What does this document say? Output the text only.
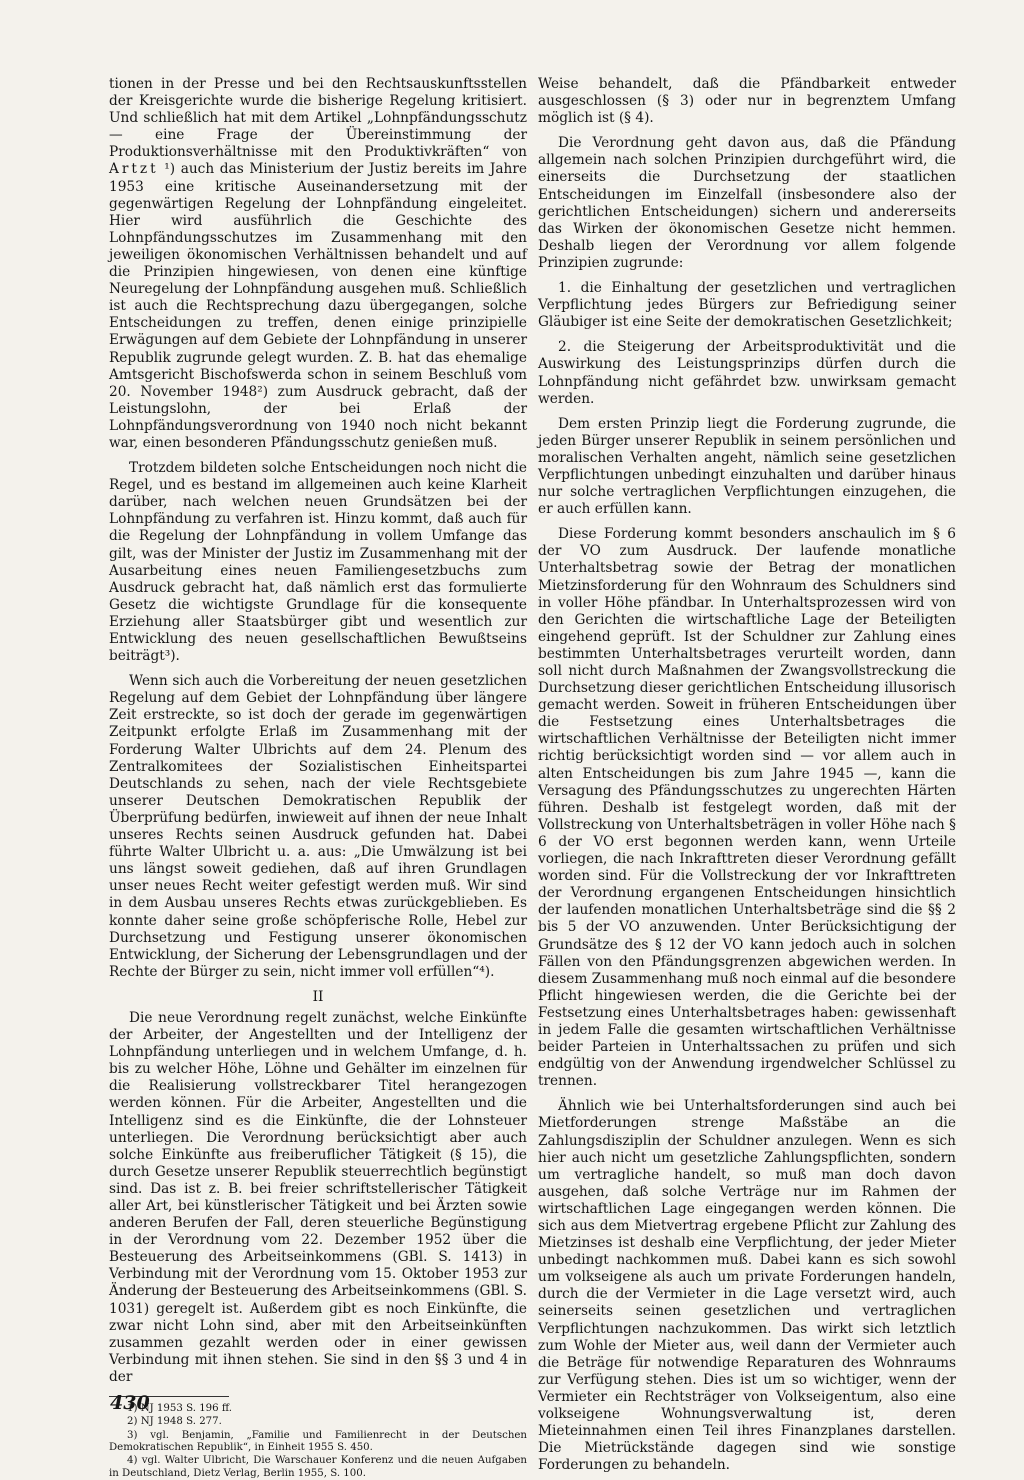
tionen in der Presse und bei den Rechtsauskunftsstellen der Kreisgerichte wurde die bisherige Regelung kritisiert. Und schließlich hat mit dem Artikel „Lohnpfändungsschutz — eine Frage der Übereinstimmung der Produktionsverhältnisse mit den Produktivkräften“ von Artzt ¹) auch das Ministerium der Justiz bereits im Jahre 1953 eine kritische Auseinandersetzung mit der gegenwärtigen Regelung der Lohnpfändung eingeleitet. Hier wird ausführlich die Geschichte des Lohnpfändungsschutzes im Zusammenhang mit den jeweiligen ökonomischen Verhältnissen behandelt und auf die Prinzipien hingewiesen, von denen eine künftige Neuregelung der Lohnpfändung ausgehen muß. Schließlich ist auch die Rechtsprechung dazu übergegangen, solche Entscheidungen zu treffen, denen einige prinzipielle Erwägungen auf dem Gebiete der Lohnpfändung in unserer Republik zugrunde gelegt wurden. Z. B. hat das ehemalige Amtsgericht Bischofswerda schon in seinem Beschluß vom 20. November 1948²) zum Ausdruck gebracht, daß der Leistungslohn, der bei Erlaß der Lohnpfändungsverordnung von 1940 noch nicht bekannt war, einen besonderen Pfändungsschutz genießen muß.

Trotzdem bildeten solche Entscheidungen noch nicht die Regel, und es bestand im allgemeinen auch keine Klarheit darüber, nach welchen neuen Grundsätzen bei der Lohnpfändung zu verfahren ist. Hinzu kommt, daß auch für die Regelung der Lohnpfändung in vollem Umfange das gilt, was der Minister der Justiz im Zusammenhang mit der Ausarbeitung eines neuen Familiengesetzbuchs zum Ausdruck gebracht hat, daß nämlich erst das formulierte Gesetz die wichtigste Grundlage für die konsequente Erziehung aller Staatsbürger gibt und wesentlich zur Entwicklung des neuen gesellschaftlichen Bewußtseins beiträgt³).

Wenn sich auch die Vorbereitung der neuen gesetzlichen Regelung auf dem Gebiet der Lohnpfändung über längere Zeit erstreckte, so ist doch der gerade im gegenwärtigen Zeitpunkt erfolgte Erlaß im Zusammenhang mit der Forderung Walter Ulbrichts auf dem 24. Plenum des Zentralkomitees der Sozialistischen Einheitspartei Deutschlands zu sehen, nach der viele Rechtsgebiete unserer Deutschen Demokratischen Republik der Überprüfung bedürfen, inwieweit auf ihnen der neue Inhalt unseres Rechts seinen Ausdruck gefunden hat. Dabei führte Walter Ulbricht u. a. aus: „Die Umwälzung ist bei uns längst soweit gediehen, daß auf ihren Grundlagen unser neues Recht weiter gefestigt werden muß. Wir sind in dem Ausbau unseres Rechts etwas zurückgeblieben. Es konnte daher seine große schöpferische Rolle, Hebel zur Durchsetzung und Festigung unserer ökonomischen Entwicklung, der Sicherung der Lebensgrundlagen und der Rechte der Bürger zu sein, nicht immer voll erfüllen“⁴).

II

Die neue Verordnung regelt zunächst, welche Einkünfte der Arbeiter, der Angestellten und der Intelligenz der Lohnpfändung unterliegen und in welchem Umfange, d. h. bis zu welcher Höhe, Löhne und Gehälter im einzelnen für die Realisierung vollstreckbarer Titel herangezogen werden können. Für die Arbeiter, Angestellten und die Intelligenz sind es die Einkünfte, die der Lohnsteuer unterliegen. Die Verordnung berücksichtigt aber auch solche Einkünfte aus freiberuflicher Tätigkeit (§ 15), die durch Gesetze unserer Republik steuerrechtlich begünstigt sind. Das ist z. B. bei freier schriftstellerischer Tätigkeit aller Art, bei künstlerischer Tätigkeit und bei Ärzten sowie anderen Berufen der Fall, deren steuerliche Begünstigung in der Verordnung vom 22. Dezember 1952 über die Besteuerung des Arbeitseinkommens (GBl. S. 1413) in Verbindung mit der Verordnung vom 15. Oktober 1953 zur Änderung der Besteuerung des Arbeitseinkommens (GBl. S. 1031) geregelt ist. Außerdem gibt es noch Einkünfte, die zwar nicht Lohn sind, aber mit den Arbeitseinkünften zusammen gezahlt werden oder in einer gewissen Verbindung mit ihnen stehen. Sie sind in den §§ 3 und 4 in der

1) NJ 1953 S. 196 ff.
2) NJ 1948 S. 277.
3) vgl. Benjamin, „Familie und Familienrecht in der Deutschen Demokratischen Republik“, in Einheit 1955 S. 450.
4) vgl. Walter Ulbricht, Die Warschauer Konferenz und die neuen Aufgaben in Deutschland, Dietz Verlag, Berlin 1955, S. 100.

Weise behandelt, daß die Pfändbarkeit entweder ausgeschlossen (§ 3) oder nur in begrenztem Umfang möglich ist (§ 4).

Die Verordnung geht davon aus, daß die Pfändung allgemein nach solchen Prinzipien durchgeführt wird, die einerseits die Durchsetzung der staatlichen Entscheidungen im Einzelfall (insbesondere also der gerichtlichen Entscheidungen) sichern und andererseits das Wirken der ökonomischen Gesetze nicht hemmen. Deshalb liegen der Verordnung vor allem folgende Prinzipien zugrunde:

1. die Einhaltung der gesetzlichen und vertraglichen Verpflichtung jedes Bürgers zur Befriedigung seiner Gläubiger ist eine Seite der demokratischen Gesetzlichkeit;

2. die Steigerung der Arbeitsproduktivität und die Auswirkung des Leistungsprinzips dürfen durch die Lohnpfändung nicht gefährdet bzw. unwirksam gemacht werden.

Dem ersten Prinzip liegt die Forderung zugrunde, die jeden Bürger unserer Republik in seinem persönlichen und moralischen Verhalten angeht, nämlich seine gesetzlichen Verpflichtungen unbedingt einzuhalten und darüber hinaus nur solche vertraglichen Verpflichtungen einzugehen, die er auch erfüllen kann.

Diese Forderung kommt besonders anschaulich im § 6 der VO zum Ausdruck. Der laufende monatliche Unterhaltsbetrag sowie der Betrag der monatlichen Mietzinsforderung für den Wohnraum des Schuldners sind in voller Höhe pfändbar. In Unterhaltsprozessen wird von den Gerichten die wirtschaftliche Lage der Beteiligten eingehend geprüft. Ist der Schuldner zur Zahlung eines bestimmten Unterhaltsbetrages verurteilt worden, dann soll nicht durch Maßnahmen der Zwangsvollstreckung die Durchsetzung dieser gerichtlichen Entscheidung illusorisch gemacht werden. Soweit in früheren Entscheidungen über die Festsetzung eines Unterhaltsbetrages die wirtschaftlichen Verhältnisse der Beteiligten nicht immer richtig berücksichtigt worden sind — vor allem auch in alten Entscheidungen bis zum Jahre 1945 —, kann die Versagung des Pfändungsschutzes zu ungerechten Härten führen. Deshalb ist festgelegt worden, daß mit der Vollstreckung von Unterhaltsbeträgen in voller Höhe nach § 6 der VO erst begonnen werden kann, wenn Urteile vorliegen, die nach Inkrafttreten dieser Verordnung gefällt worden sind. Für die Vollstreckung der vor Inkrafttreten der Verordnung ergangenen Entscheidungen hinsichtlich der laufenden monatlichen Unterhaltsbeträge sind die §§ 2 bis 5 der VO anzuwenden. Unter Berücksichtigung der Grundsätze des § 12 der VO kann jedoch auch in solchen Fällen von den Pfändungsgrenzen abgewichen werden. In diesem Zusammenhang muß noch einmal auf die besondere Pflicht hingewiesen werden, die die Gerichte bei der Festsetzung eines Unterhaltsbetrages haben: gewissenhaft in jedem Falle die gesamten wirtschaftlichen Verhältnisse beider Parteien in Unterhaltssachen zu prüfen und sich endgültig von der Anwendung irgendwelcher Schlüssel zu trennen.

Ähnlich wie bei Unterhaltsforderungen sind auch bei Mietforderungen strenge Maßstäbe an die Zahlungsdisziplin der Schuldner anzulegen. Wenn es sich hier auch nicht um gesetzliche Zahlungspflichten, sondern um vertragliche handelt, so muß man doch davon ausgehen, daß solche Verträge nur im Rahmen der wirtschaftlichen Lage eingegangen werden können. Die sich aus dem Mietvertrag ergebene Pflicht zur Zahlung des Mietzinses ist deshalb eine Verpflichtung, der jeder Mieter unbedingt nachkommen muß. Dabei kann es sich sowohl um volkseigene als auch um private Forderungen handeln, durch die der Vermieter in die Lage versetzt wird, auch seinerseits seinen gesetzlichen und vertraglichen Verpflichtungen nachzukommen. Das wirkt sich letztlich zum Wohle der Mieter aus, weil dann der Vermieter auch die Beträge für notwendige Reparaturen des Wohnraums zur Verfügung stehen. Dies ist um so wichtiger, wenn der Vermieter ein Rechtsträger von Volkseigentum, also eine volkseigene Wohnungsverwaltung ist, deren Mieteinnahmen einen Teil ihres Finanzplanes darstellen. Die Mietrückstände dagegen sind wie sonstige Forderungen zu behandeln.

430
